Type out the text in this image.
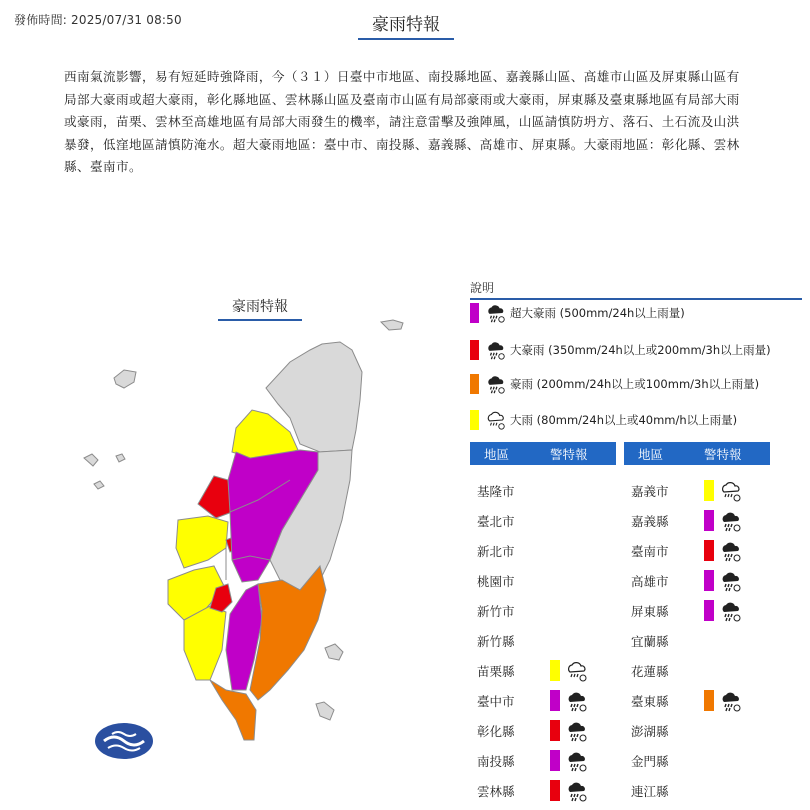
發佈時間: 2025/07/31 08:50	豪雨特報
西南氣流影響，易有短延時強降雨，今（３１）日臺中市地區、南投縣地區、嘉義縣山區、高雄市山區及屏東縣山區有局部大豪雨或超大豪雨，彰化縣地區、雲林縣山區及臺南市山區有局部豪雨或大豪雨，屏東縣及臺東縣地區有局部大雨或豪雨，苗栗、雲林至高雄地區有局部大雨發生的機率，請注意雷擊及強陣風，山區請慎防坍方、落石、土石流及山洪暴發，低窪地區請慎防淹水。超大豪雨地區：臺中市、南投縣、嘉義縣、高雄市、屏東縣。大豪雨地區：彰化縣、雲林縣、臺南市。
豪雨特報
說明
超大豪雨 (500mm/24h以上雨量)
大豪雨 (350mm/24h以上或200mm/3h以上雨量)
豪雨 (200mm/24h以上或100mm/3h以上雨量)
大雨 (80mm/24h以上或40mm/h以上雨量)
地區	警特報	地區	警特報
基隆市
臺北市
新北市
桃園市
新竹市
新竹縣
苗栗縣
臺中市
彰化縣
南投縣
雲林縣
嘉義市
嘉義縣
臺南市
高雄市
屏東縣
宜蘭縣
花蓮縣
臺東縣
澎湖縣
金門縣
連江縣
